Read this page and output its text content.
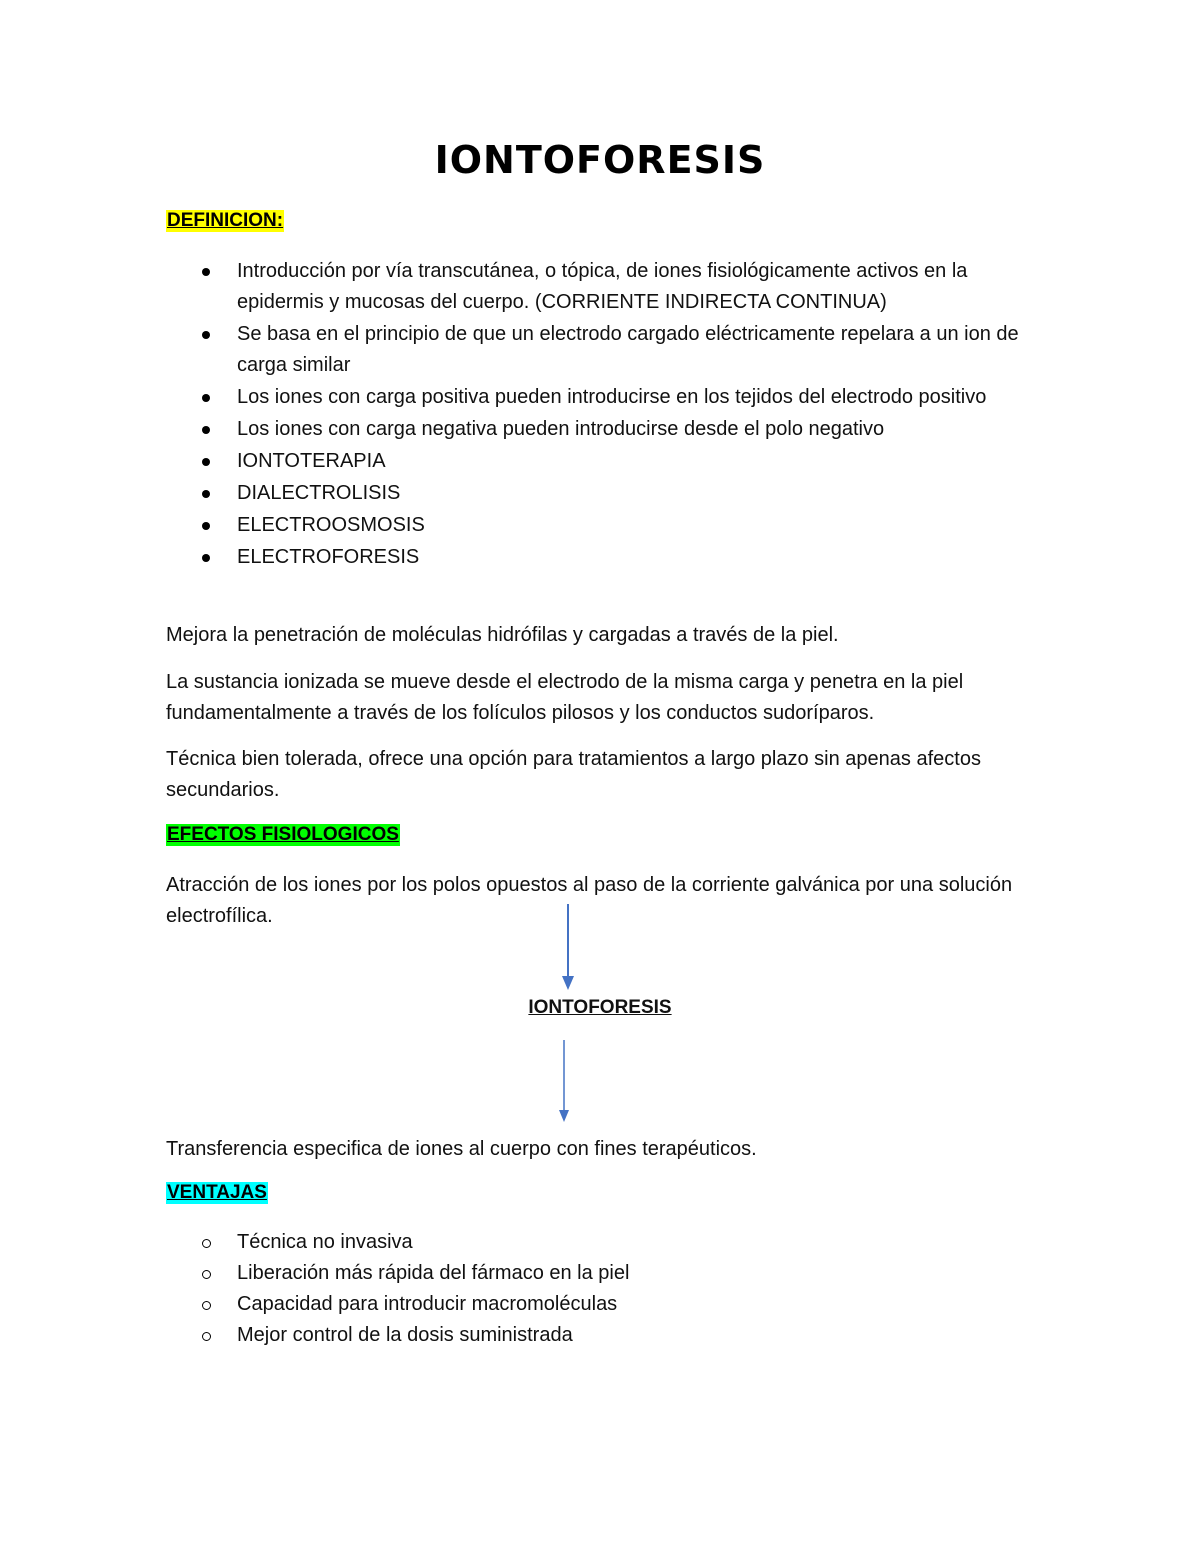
IONTOFORESIS
DEFINICION:
Introducción por vía transcutánea, o tópica, de iones fisiológicamente activos en la epidermis y mucosas del cuerpo. (CORRIENTE INDIRECTA CONTINUA)
Se basa en el principio de que un electrodo cargado eléctricamente repelara a un ion de carga similar
Los iones con carga positiva pueden introducirse en los tejidos del electrodo positivo
Los iones con carga negativa pueden introducirse desde el polo negativo
IONTOTERAPIA
DIALECTROLISIS
ELECTROOSMOSIS
ELECTROFORESIS

Mejora la penetración de moléculas hidrófilas y cargadas a través de la piel.

La sustancia ionizada se mueve desde el electrodo de la misma carga y penetra en la piel fundamentalmente a través de los folículos pilosos y los conductos sudoríparos.

Técnica bien tolerada, ofrece una opción para tratamientos a largo plazo sin apenas afectos secundarios.

EFECTOS FISIOLOGICOS

Atracción de los iones por los polos opuestos al paso de la corriente galvánica por una solución electrofílica.

IONTOFORESIS

Transferencia especifica de iones al cuerpo con fines terapéuticos.

VENTAJAS
Técnica no invasiva
Liberación más rápida del fármaco en la piel
Capacidad para introducir macromoléculas
Mejor control de la dosis suministrada
